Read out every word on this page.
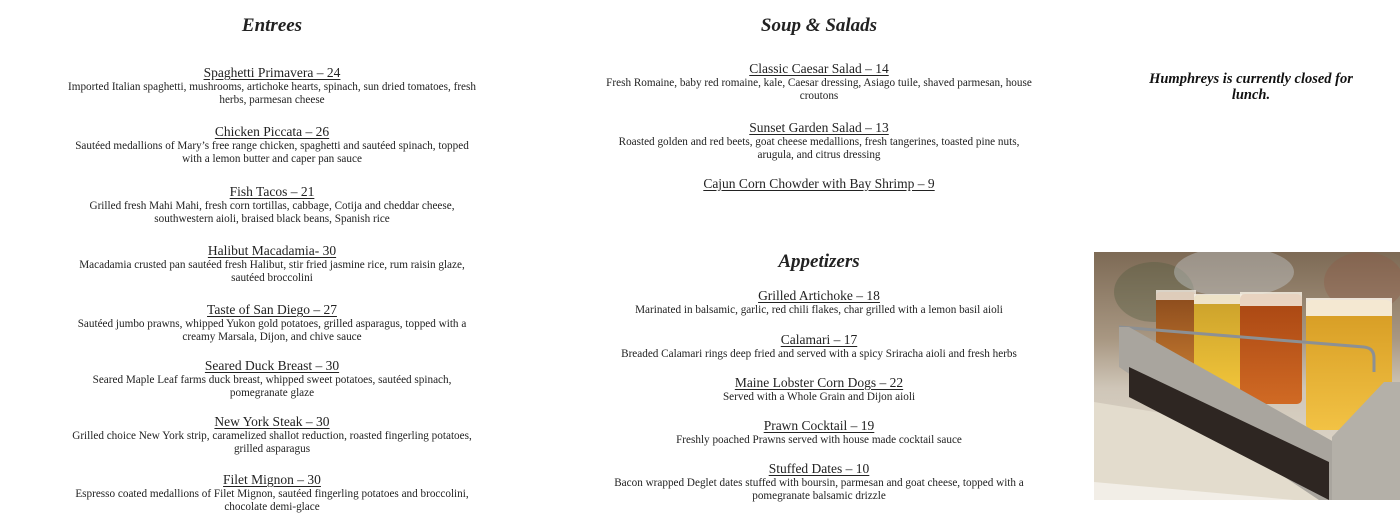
Entrees
Spaghetti Primavera – 24
Imported Italian spaghetti, mushrooms, artichoke hearts, spinach, sun dried tomatoes, fresh herbs, parmesan cheese
Chicken Piccata – 26
Sautéed medallions of Mary’s free range chicken, spaghetti and sautéed spinach, topped with a lemon butter and caper pan sauce
Fish Tacos – 21
Grilled fresh Mahi Mahi, fresh corn tortillas, cabbage, Cotija and cheddar cheese, southwestern aioli, braised black beans, Spanish rice
Halibut Macadamia- 30
Macadamia crusted pan sautéed fresh Halibut, stir fried jasmine rice, rum raisin glaze, sautéed broccolini
Taste of San Diego – 27
Sautéed jumbo prawns, whipped Yukon gold potatoes, grilled asparagus, topped with a creamy Marsala, Dijon, and chive sauce
Seared Duck Breast – 30
Seared Maple Leaf farms duck breast, whipped sweet potatoes, sautéed spinach, pomegranate glaze
New York Steak – 30
Grilled choice New York strip, caramelized shallot reduction, roasted fingerling potatoes, grilled asparagus
Filet Mignon – 30
Espresso coated medallions of Filet Mignon, sautéed fingerling potatoes and broccolini, chocolate demi-glace
Soup & Salads
Classic Caesar Salad – 14
Fresh Romaine, baby red romaine, kale, Caesar dressing, Asiago tuile, shaved parmesan, house croutons
Sunset Garden Salad – 13
Roasted golden and red beets, goat cheese medallions, fresh tangerines, toasted pine nuts, arugula, and citrus dressing
Cajun Corn Chowder with Bay Shrimp – 9
Appetizers
Grilled Artichoke – 18
Marinated in balsamic, garlic, red chili flakes, char grilled with a lemon basil aioli
Calamari – 17
Breaded Calamari rings deep fried and served with a spicy Sriracha aioli and fresh herbs
Maine Lobster Corn Dogs – 22
Served with a Whole Grain and Dijon aioli
Prawn Cocktail – 19
Freshly poached Prawns served with house made cocktail sauce
Stuffed Dates – 10
Bacon wrapped Deglet dates stuffed with boursin, parmesan and goat cheese, topped with a pomegranate balsamic drizzle
Humphreys is currently closed for lunch.
